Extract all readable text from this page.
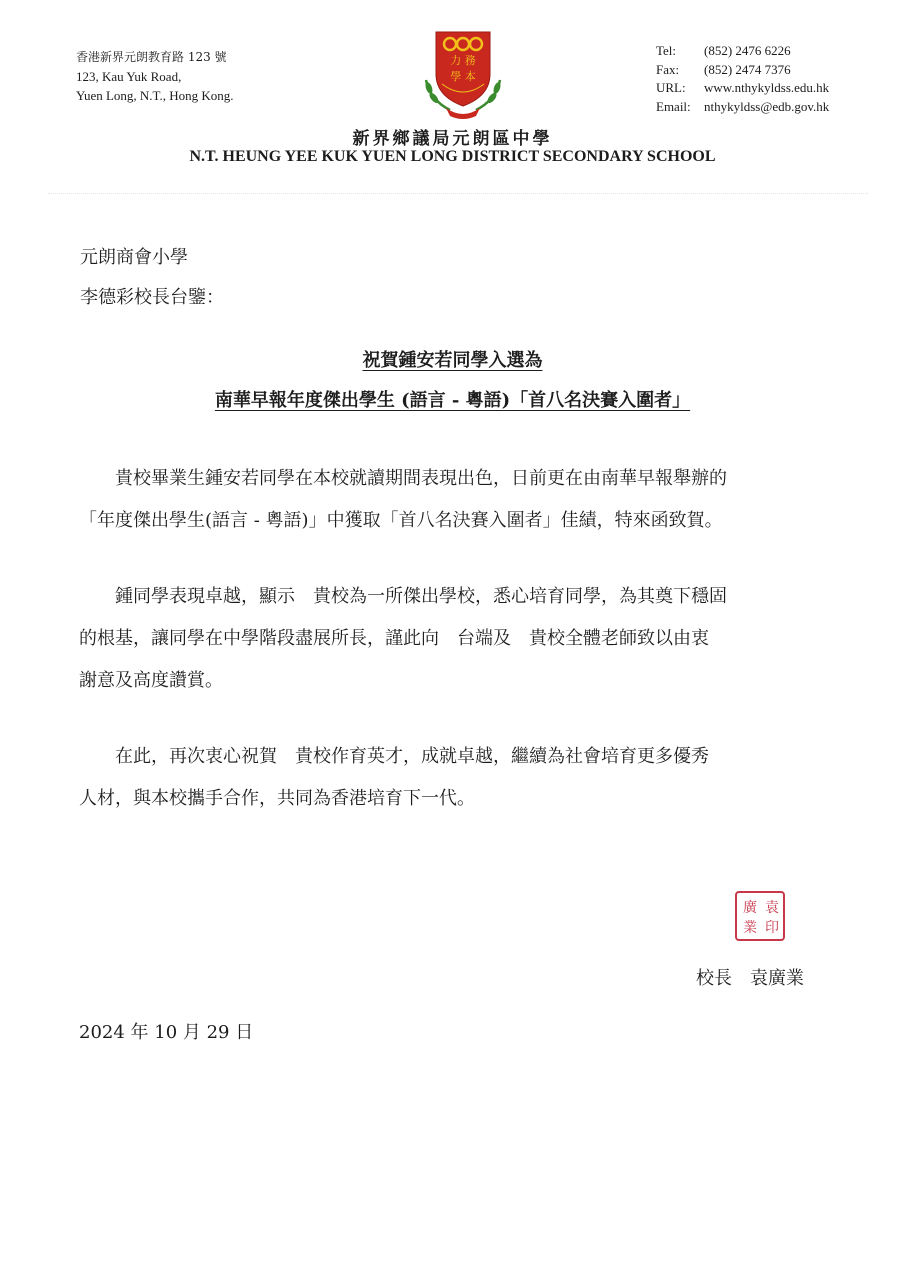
香港新界元朗教育路 123 號
123, Kau Yuk Road,
Yuen Long, N.T., Hong Kong.
力 務
學 本
Tel:	(852) 2476 6226
Fax:	(852) 2474 7376
URL:	www.nthykyldss.edu.hk
Email:	nthykyldss@edb.gov.hk
新界鄉議局元朗區中學
N.T. HEUNG YEE KUK YUEN LONG DISTRICT SECONDARY SCHOOL
元朗商會小學
李德彩校長台鑒：
祝賀鍾安若同學入選為
南華早報年度傑出學生 (語言 - 粵語)「首八名決賽入圍者」
　　貴校畢業生鍾安若同學在本校就讀期間表現出色，日前更在由南華早報舉辦的
「年度傑出學生(語言 - 粵語)」中獲取「首八名決賽入圍者」佳績，特來函致賀。
　　鍾同學表現卓越，顯示　貴校為一所傑出學校，悉心培育同學，為其奠下穩固
的根基，讓同學在中學階段盡展所長，謹此向　台端及　貴校全體老師致以由衷
謝意及高度讚賞。
　　在此，再次衷心祝賀　貴校作育英才，成就卓越，繼續為社會培育更多優秀
人材，與本校攜手合作，共同為香港培育下一代。
袁
廣
業 印
校長　袁廣業
2024 年 10 月 29 日
